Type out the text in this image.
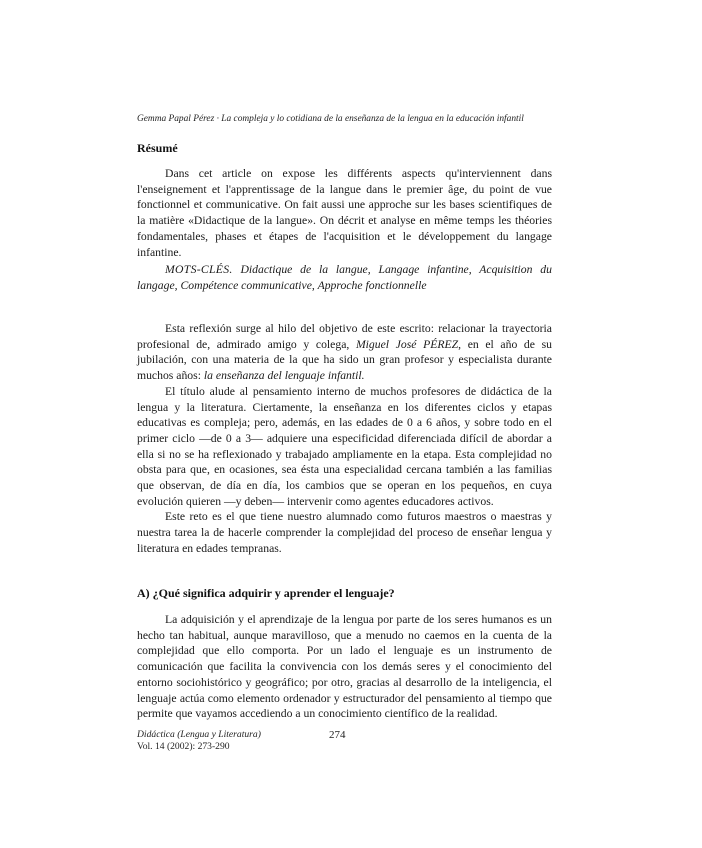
Gemma Papal Pérez · La compleja y lo cotidiana de la enseñanza de la lengua en la educación infantil
Résumé

Dans cet article on expose les différents aspects qu'interviennent dans l'enseignement et l'apprentissage de la langue dans le premier âge, du point de vue fonctionnel et communicative. On fait aussi une approche sur les bases scientifiques de la matière «Didactique de la langue». On décrit et analyse en même temps les théories fondamentales, phases et étapes de l'acquisition et le développement du langage infantine.

MOTS-CLÉS. Didactique de la langue, Langage infantine, Acquisition du langage, Compétence communicative, Approche fonctionnelle

Esta reflexión surge al hilo del objetivo de este escrito: relacionar la trayectoria profesional de, admirado amigo y colega, Miguel José PÉREZ, en el año de su jubilación, con una materia de la que ha sido un gran profesor y especialista durante muchos años: la enseñanza del lenguaje infantil.

El título alude al pensamiento interno de muchos profesores de didáctica de la lengua y la literatura. Ciertamente, la enseñanza en los diferentes ciclos y etapas educativas es compleja; pero, además, en las edades de 0 a 6 años, y sobre todo en el primer ciclo —de 0 a 3— adquiere una especificidad diferenciada difícil de abordar a ella si no se ha reflexionado y trabajado ampliamente en la etapa. Esta complejidad no obsta para que, en ocasiones, sea ésta una especialidad cercana también a las familias que observan, de día en día, los cambios que se operan en los pequeños, en cuya evolución quieren —y deben— intervenir como agentes educadores activos.

Este reto es el que tiene nuestro alumnado como futuros maestros o maestras y nuestra tarea la de hacerle comprender la complejidad del proceso de enseñar lengua y literatura en edades tempranas.

A) ¿Qué significa adquirir y aprender el lenguaje?

La adquisición y el aprendizaje de la lengua por parte de los seres humanos es un hecho tan habitual, aunque maravilloso, que a menudo no caemos en la cuenta de la complejidad que ello comporta. Por un lado el lenguaje es un instrumento de comunicación que facilita la convivencia con los demás seres y el conocimiento del entorno sociohistórico y geográfico; por otro, gracias al desarrollo de la inteligencia, el lenguaje actúa como elemento ordenador y estructurador del pensamiento al tiempo que permite que vayamos accediendo a un conocimiento científico de la realidad.

Didáctica (Lengua y Literatura)
Vol. 14 (2002): 273-290
274
